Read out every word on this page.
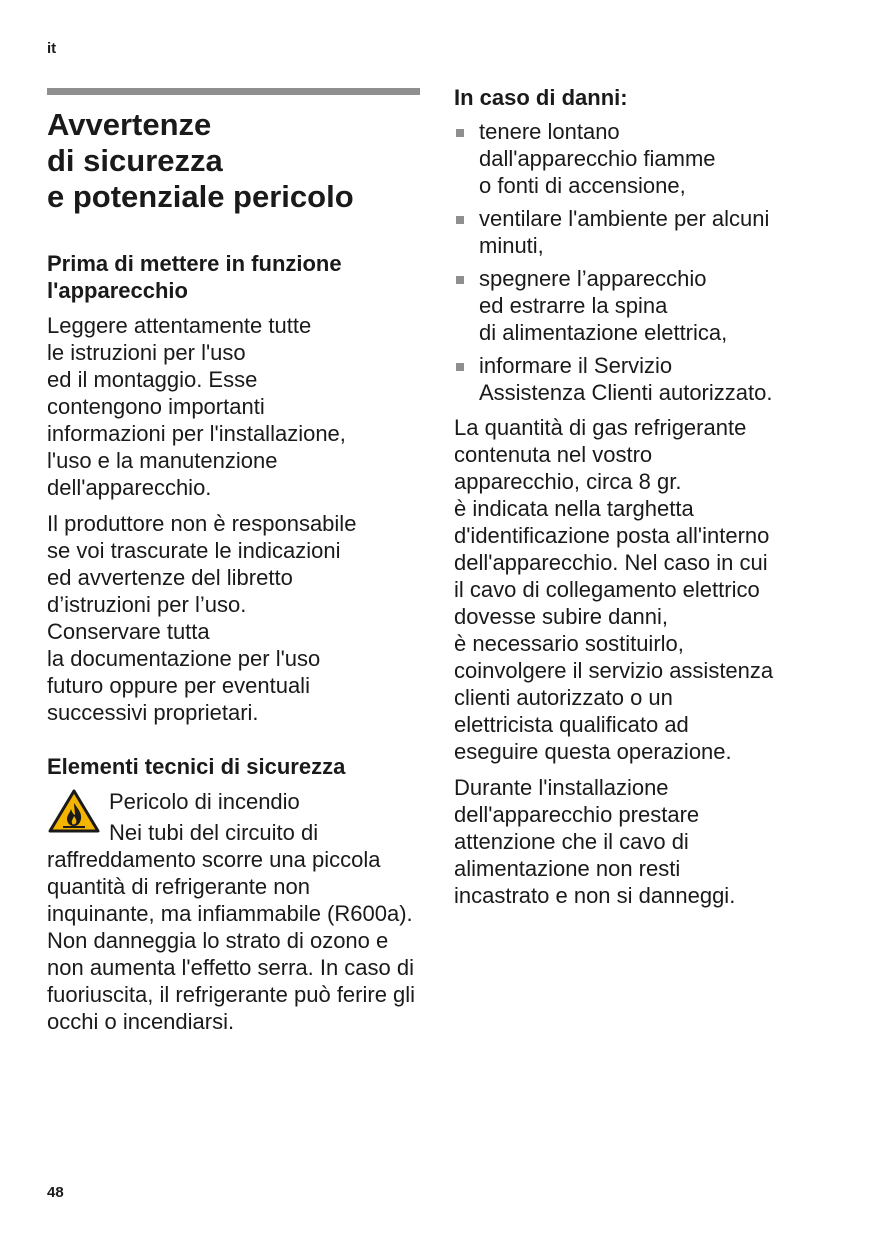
it
Avvertenze
di sicurezza
e potenziale pericolo
Prima di mettere in funzione
l'apparecchio

Leggere attentamente tutte
le istruzioni per l'uso
ed il montaggio. Esse
contengono importanti
informazioni per l'installazione,
l'uso e la manutenzione
dell'apparecchio.

Il produttore non è responsabile
se voi trascurate le indicazioni
ed avvertenze del libretto
d’istruzioni per l’uso.
Conservare tutta
la documentazione per l'uso
futuro oppure per eventuali
successivi proprietari.

Elementi tecnici di sicurezza
Pericolo di incendio

Nei tubi del circuito di raffreddamento scorre una piccola quantità di refrigerante non inquinante, ma infiammabile (R600a). Non danneggia lo strato di ozono e non aumenta l'effetto serra. In caso di fuoriuscita, il refrigerante può ferire gli occhi o incendiarsi.

In caso di danni:
tenere lontano
dall'apparecchio fiamme
o fonti di accensione,
ventilare l'ambiente per alcuni
minuti,
spegnere l’apparecchio
ed estrarre la spina
di alimentazione elettrica,
informare il Servizio
Assistenza Clienti autorizzato.

La quantità di gas refrigerante
contenuta nel vostro
apparecchio, circa 8 gr.
è indicata nella targhetta
d'identificazione posta all'interno
dell'apparecchio. Nel caso in cui
il cavo di collegamento elettrico
dovesse subire danni,
è necessario sostituirlo,
coinvolgere il servizio assistenza
clienti autorizzato o un
elettricista qualificato ad
eseguire questa operazione.

Durante l'installazione
dell'apparecchio prestare
attenzione che il cavo di
alimentazione non resti
incastrato e non si danneggi.

48
